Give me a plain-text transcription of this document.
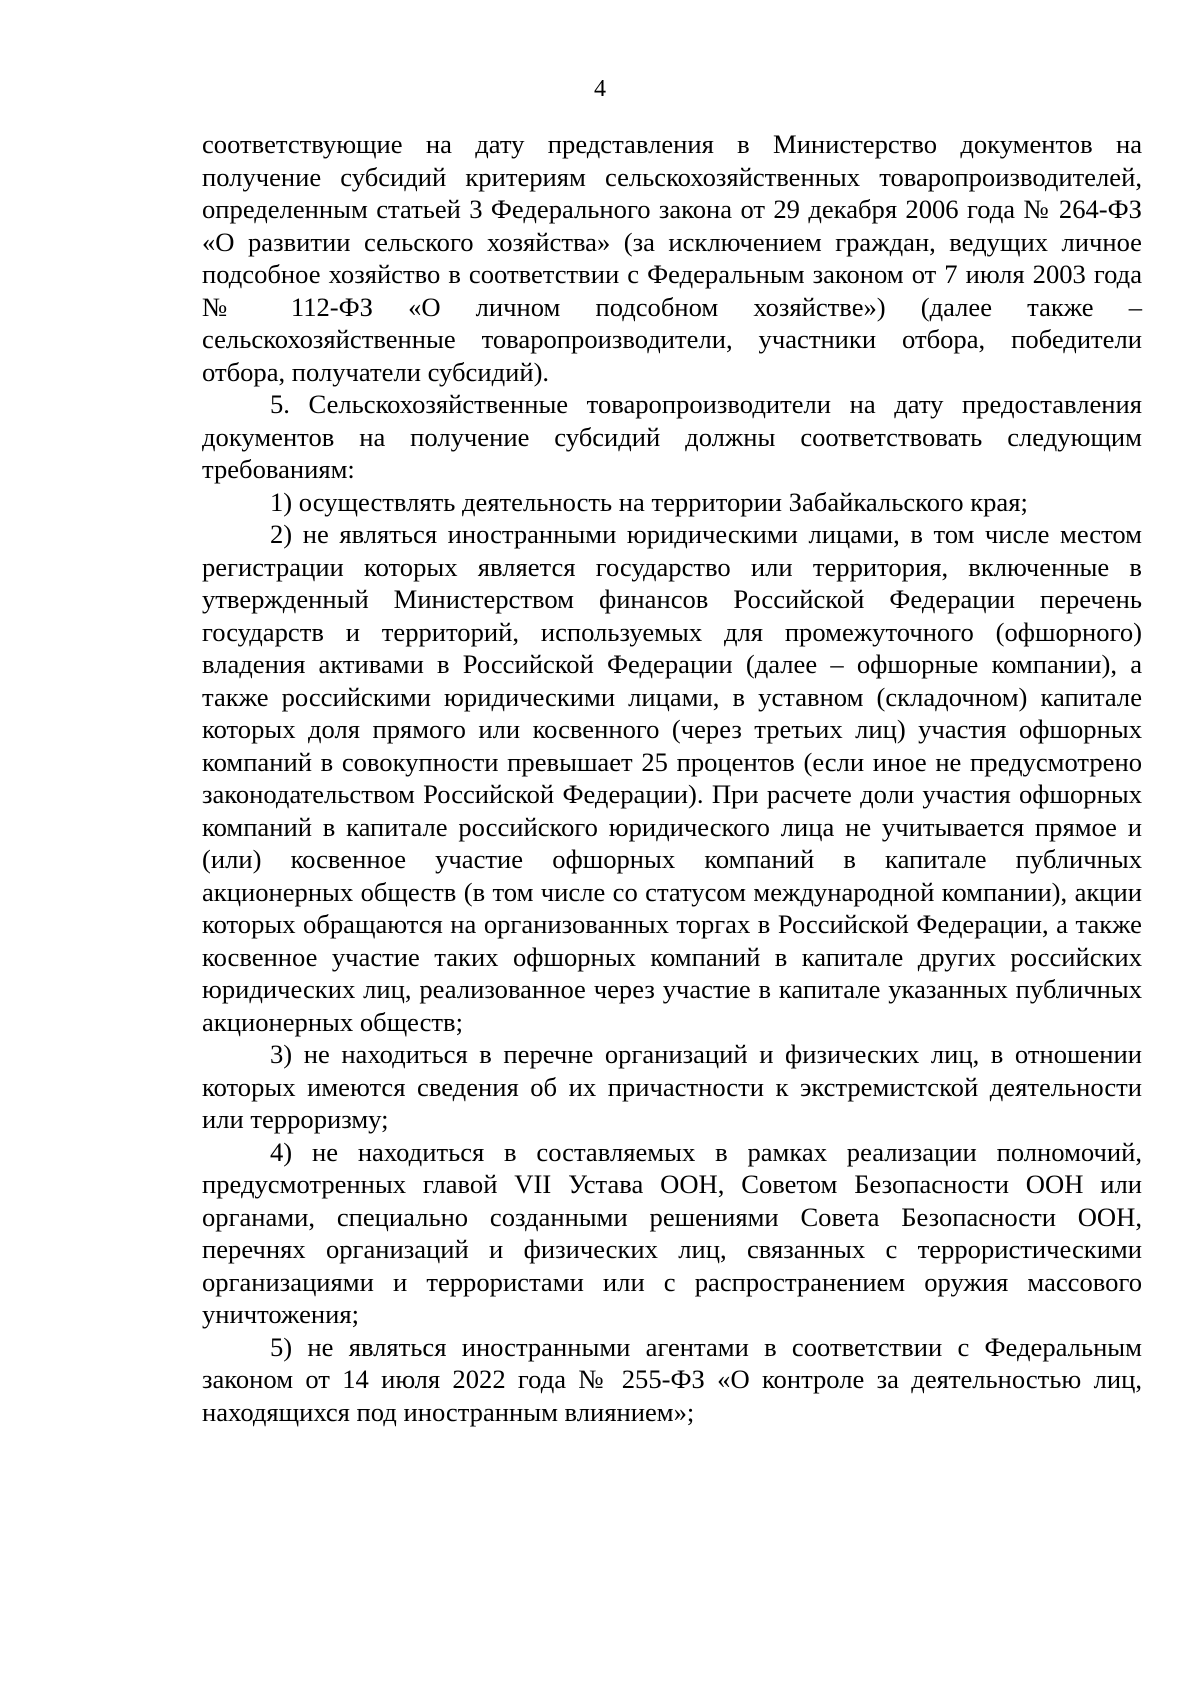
4

соответствующие на дату представления в Министерство документов на получение субсидий критериям сельскохозяйственных товаропроизводителей, определенным статьей 3 Федерального закона от 29 декабря 2006 года № 264-ФЗ «О развитии сельского хозяйства» (за исключением граждан, ведущих личное подсобное хозяйство в соответствии с Федеральным законом от 7 июля 2003 года № 112-ФЗ «О личном подсобном хозяйстве») (далее также – сельскохозяйственные товаропроизводители, участники отбора, победители отбора, получатели субсидий).

5. Сельскохозяйственные товаропроизводители на дату предоставления документов на получение субсидий должны соответствовать следующим требованиям:

1) осуществлять деятельность на территории Забайкальского края;

2) не являться иностранными юридическими лицами, в том числе местом регистрации которых является государство или территория, включенные в утвержденный Министерством финансов Российской Федерации перечень государств и территорий, используемых для промежуточного (офшорного) владения активами в Российской Федерации (далее – офшорные компании), а также российскими юридическими лицами, в уставном (складочном) капитале которых доля прямого или косвенного (через третьих лиц) участия офшорных компаний в совокупности превышает 25 процентов (если иное не предусмотрено законодательством Российской Федерации). При расчете доли участия офшорных компаний в капитале российского юридического лица не учитывается прямое и (или) косвенное участие офшорных компаний в капитале публичных акционерных обществ (в том числе со статусом международной компании), акции которых обращаются на организованных торгах в Российской Федерации, а также косвенное участие таких офшорных компаний в капитале других российских юридических лиц, реализованное через участие в капитале указанных публичных акционерных обществ;

3) не находиться в перечне организаций и физических лиц, в отношении которых имеются сведения об их причастности к экстремистской деятельности или терроризму;

4) не находиться в составляемых в рамках реализации полномочий, предусмотренных главой VII Устава ООН, Советом Безопасности ООН или органами, специально созданными решениями Совета Безопасности ООН, перечнях организаций и физических лиц, связанных с террористическими организациями и террористами или с распространением оружия массового уничтожения;

5) не являться иностранными агентами в соответствии с Федеральным законом от 14 июля 2022 года № 255-ФЗ «О контроле за деятельностью лиц, находящихся под иностранным влиянием»;
